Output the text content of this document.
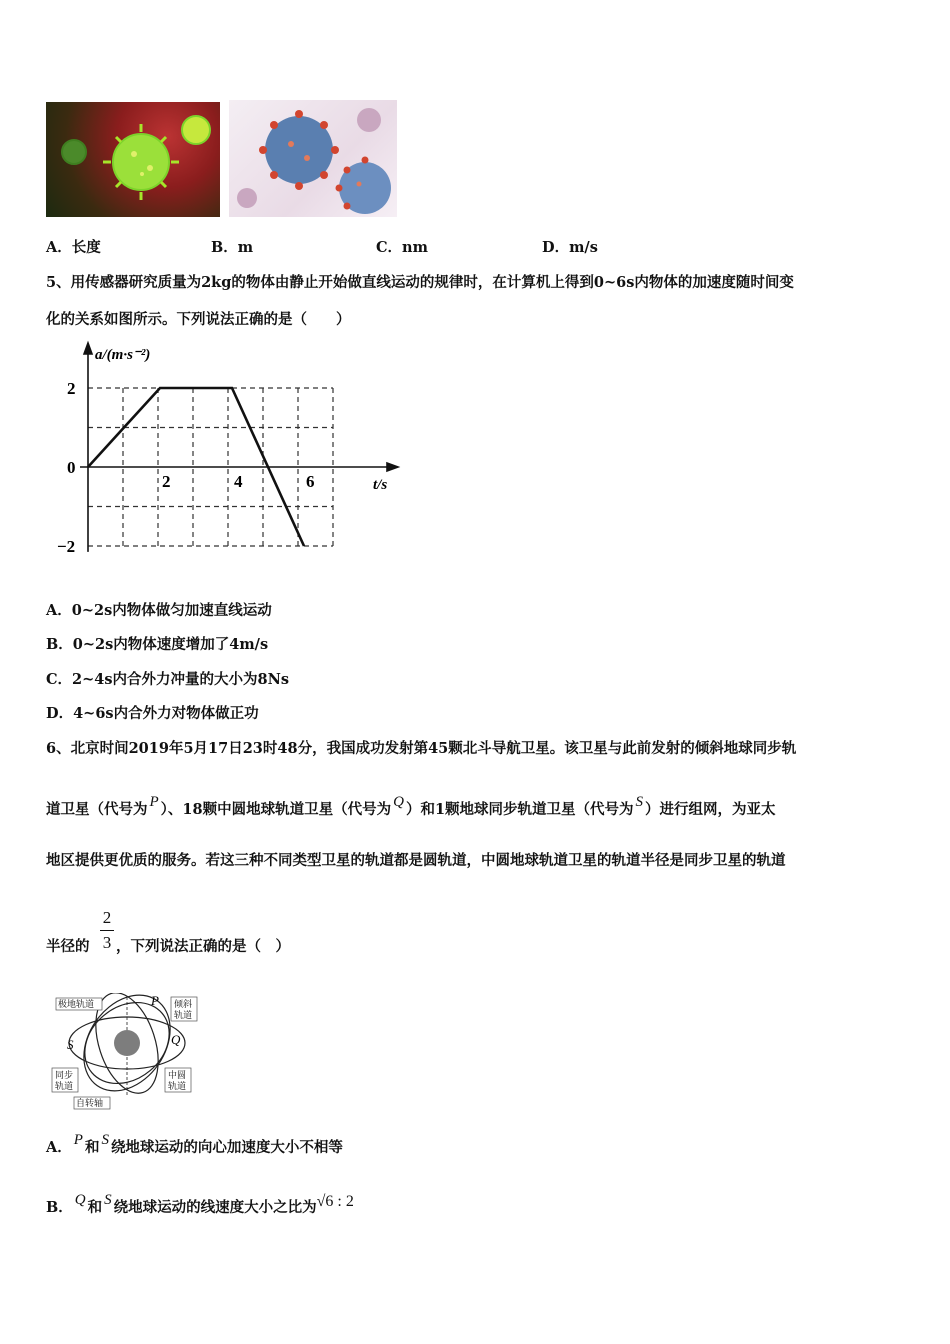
A．长度	B．m	C．nm	D．m/s
5、用传感器研究质量为2kg的物体由静止开始做直线运动的规律时，在计算机上得到0~6s内物体的加速度随时间变
化的关系如图所示。下列说法正确的是（　　）
a/(m·s⁻²)
t/s
2	4	6
2
0
−2
A．0~2s内物体做匀加速直线运动
B．0~2s内物体速度增加了4m/s
C．2~4s内合外力冲量的大小为8Ns
D．4~6s内合外力对物体做正功
6、北京时间2019年5月17日23时48分，我国成功发射第45颗北斗导航卫星。该卫星与此前发射的倾斜地球同步轨
道卫星（代号为 P ）、18颗中圆地球轨道卫星（代号为 Q ）和1颗地球同步轨道卫星（代号为 S ）进行组网，为亚太
地区提供更优质的服务。若这三种不同类型卫星的轨道都是圆轨道，中圆地球轨道卫星的轨道半径是同步卫星的轨道
半径的
2
3 ，下列说法正确的是（　）
极地轨道	倾斜轨道
同步轨道
中圆轨道
自转轴
P
Q
S
A． P 和 S 绕地球运动的向心加速度大小不相等
B． Q 和 S 绕地球运动的线速度大小之比为√6 : 2
